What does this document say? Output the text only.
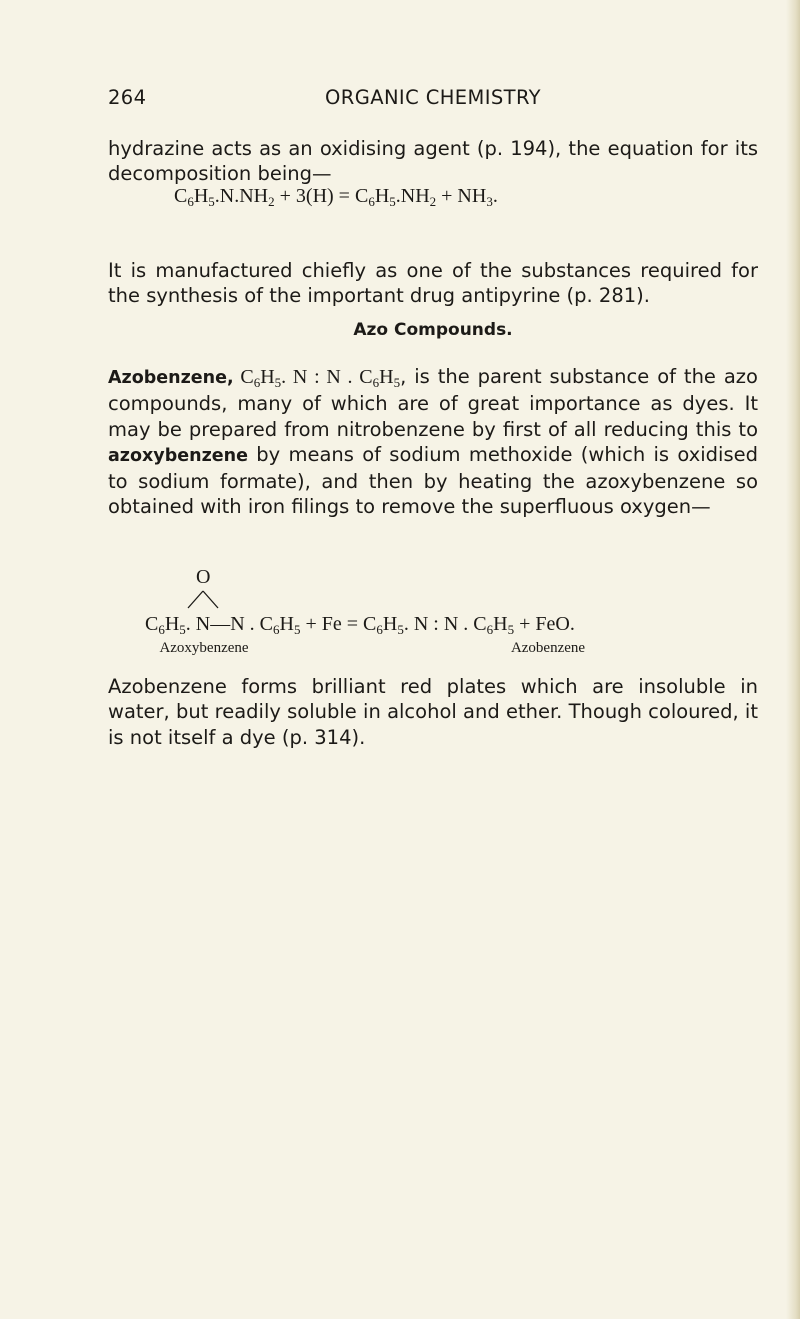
264	ORGANIC CHEMISTRY

hydrazine acts as an oxidising agent (p. 194), the equation for its decomposition being—

$C_6H_5.N.NH_2 + 3(H) = C_6H_5.NH_2 + NH_3$.

It is manufactured chiefly as one of the substances required for the synthesis of the important drug antipyrine (p. 281).

Azo Compounds.

Azobenzene, $C_6H_5$. N : N . $C_6H_5$, is the parent substance of the azo compounds, many of which are of great importance as dyes. It may be prepared from nitrobenzene by first of all reducing this to azoxybenzene by means of sodium methoxide (which is oxidised to sodium formate), and then by heating the azoxybenzene so obtained with iron filings to remove the superfluous oxygen—

O
$C_6H_5$. N—N . $C_6H_5 + Fe = C_6H_5$. N : N . $C_6H_5$ + FeO.
Azoxybenzene	Azobenzene

Azobenzene forms brilliant red plates which are insoluble in water, but readily soluble in alcohol and ether. Though coloured, it is not itself a dye (p. 314).
